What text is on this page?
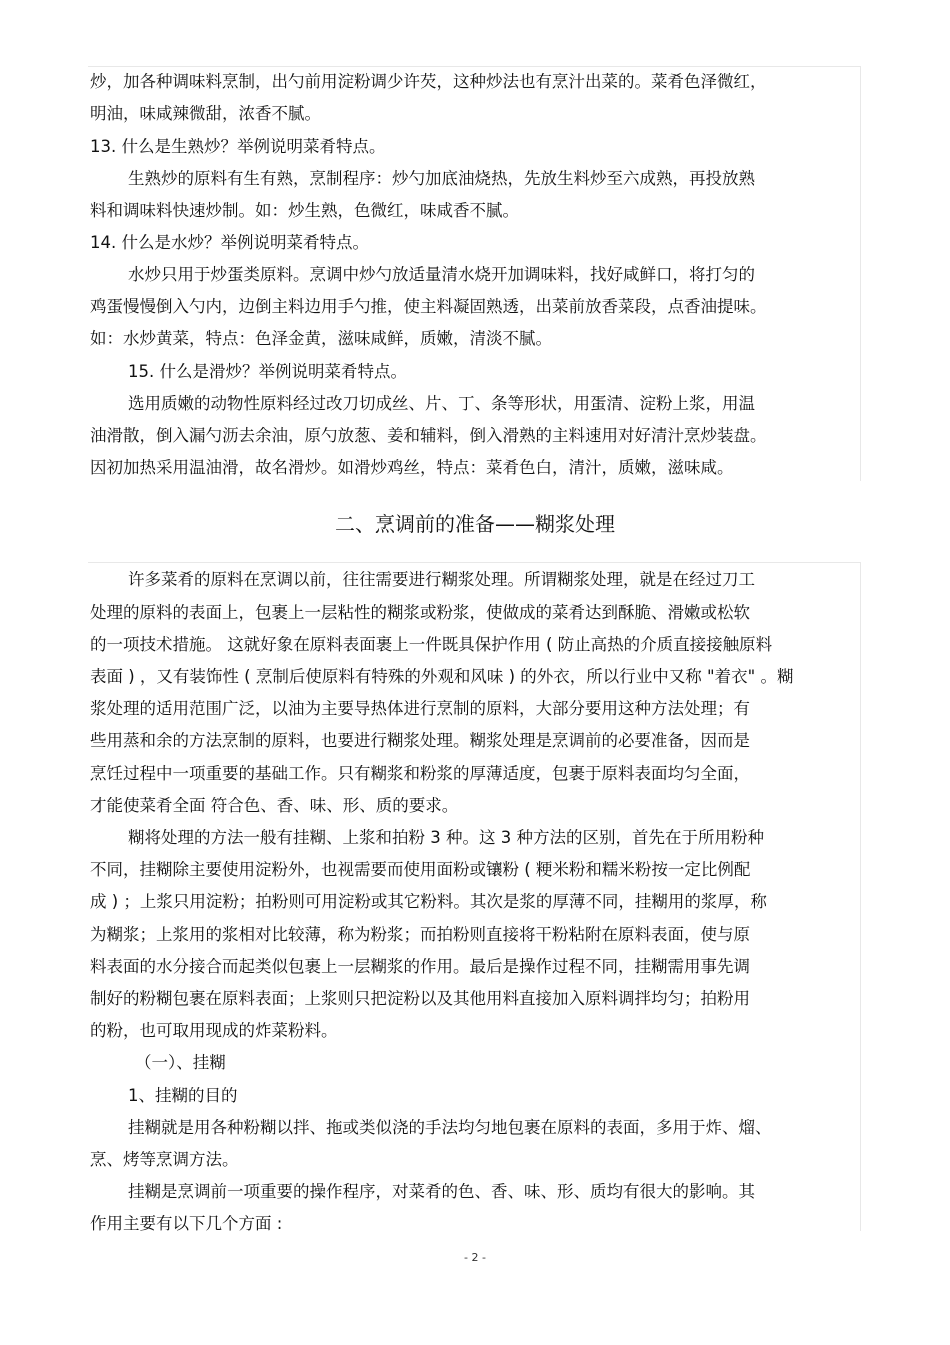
炒，加各种调味料烹制，出勺前用淀粉调少许芡，这种炒法也有烹汁出菜的。菜肴色泽微红，
明油，味咸辣微甜，浓香不腻。
13. 什么是生熟炒？举例说明菜肴特点。
生熟炒的原料有生有熟，烹制程序：炒勺加底油烧热，先放生料炒至六成熟，再投放熟
料和调味料快速炒制。如：炒生熟，色微红，味咸香不腻。
14. 什么是水炒？举例说明菜肴特点。
水炒只用于炒蛋类原料。烹调中炒勺放适量清水烧开加调味料，找好咸鲜口，将打匀的
鸡蛋慢慢倒入勺内，边倒主料边用手勺推，使主料凝固熟透，出菜前放香菜段，点香油提味。
如：水炒黄菜，特点：色泽金黄，滋味咸鲜，质嫩，清淡不腻。
15. 什么是滑炒？举例说明菜肴特点。
选用质嫩的动物性原料经过改刀切成丝、片、丁、条等形状，用蛋清、淀粉上浆，用温
油滑散，倒入漏勺沥去余油，原勺放葱、姜和辅料，倒入滑熟的主料速用对好清汁烹炒装盘。
因初加热采用温油滑，故名滑炒。如滑炒鸡丝，特点：菜肴色白，清汁，质嫩，滋味咸。
二、烹调前的准备——糊浆处理
许多菜肴的原料在烹调以前，往往需要进行糊浆处理。所谓糊浆处理，就是在经过刀工
处理的原料的表面上，包裹上一层粘性的糊浆或粉浆，使做成的菜肴达到酥脆、滑嫩或松软
的一项技术措施。 这就好象在原料表面裹上一件既具保护作用 ( 防止高热的介质直接接触原料
表面 ) ，又有装饰性 ( 烹制后使原料有特殊的外观和风味 ) 的外衣，所以行业中又称 "着衣" 。糊
浆处理的适用范围广泛，以油为主要导热体进行烹制的原料，大部分要用这种方法处理；有
些用蒸和余的方法烹制的原料，也要进行糊浆处理。糊浆处理是烹调前的必要准备，因而是
烹饪过程中一项重要的基础工作。只有糊浆和粉浆的厚薄适度，包裹于原料表面均匀全面，
才能使菜肴全面 符合色、香、味、形、质的要求。
糊将处理的方法一般有挂糊、上浆和拍粉 3 种。这 3 种方法的区别，首先在于所用粉种
不同，挂糊除主要使用淀粉外，也视需要而使用面粉或镶粉 ( 粳米粉和糯米粉按一定比例配
成 ) ；上浆只用淀粉；拍粉则可用淀粉或其它粉料。其次是浆的厚薄不同，挂糊用的浆厚，称
为糊浆；上浆用的浆相对比较薄，称为粉浆；而拍粉则直接将干粉粘附在原料表面，使与原
料表面的水分接合而起类似包裹上一层糊浆的作用。最后是操作过程不同，挂糊需用事先调
制好的粉糊包裹在原料表面；上浆则只把淀粉以及其他用料直接加入原料调拌均匀；拍粉用
的粉，也可取用现成的炸菜粉料。
（一）、挂糊
1、挂糊的目的
挂糊就是用各种粉糊以拌、拖或类似浇的手法均匀地包裹在原料的表面，多用于炸、熘、
烹、烤等烹调方法。
挂糊是烹调前一项重要的操作程序，对菜肴的色、香、味、形、质均有很大的影响。其
作用主要有以下几个方面 :
- 2 -
